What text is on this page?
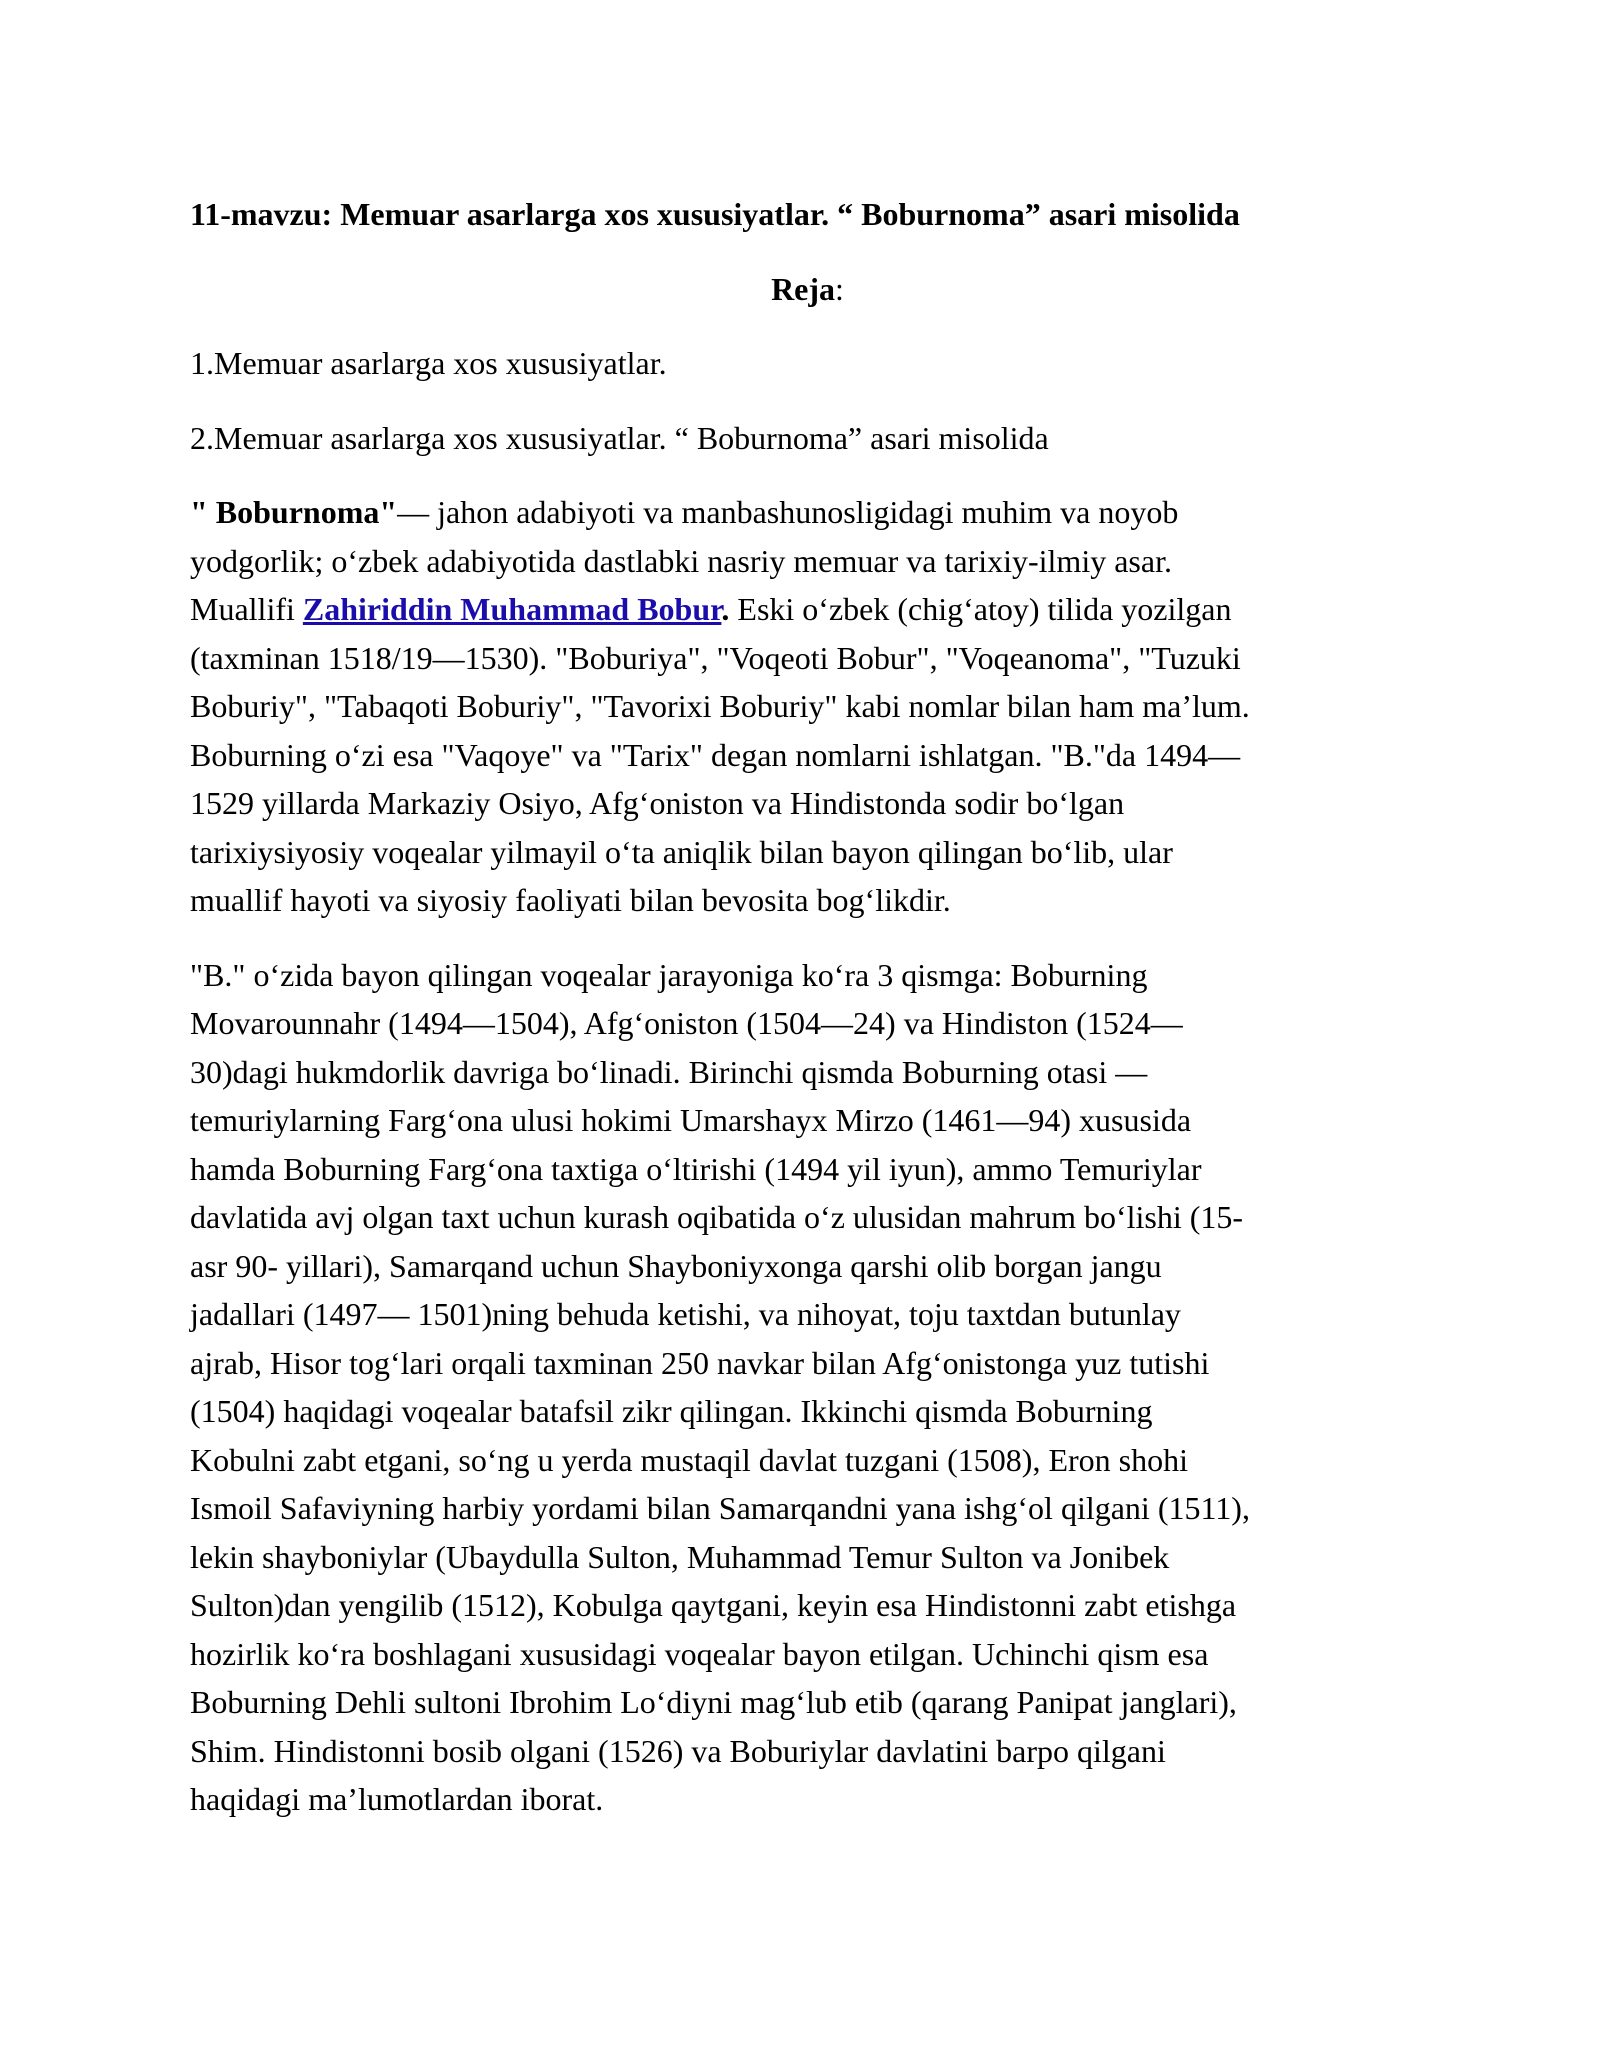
11-mavzu: Memuar asarlarga xos xususiyatlar. “ Boburnoma” asari misolida

Reja:

1.Memuar asarlarga xos xususiyatlar.

2.Memuar asarlarga xos xususiyatlar. “ Boburnoma” asari misolida

" Boburnoma"— jahon adabiyoti va manbashunosligidagi muhim va noyob

yodgorlik; oʻzbek adabiyotida dastlabki nasriy memuar va tarixiy-ilmiy asar.

Muallifi Zahiriddin Muhammad Bobur. Eski oʻzbek (chigʻatoy) tilida yozilgan

(taxminan 1518/19—1530). "Boburiya", "Voqeoti Bobur", "Voqeanoma", "Tuzuki

Boburiy", "Tabaqoti Boburiy", "Tavorixi Boburiy" kabi nomlar bilan ham maʼlum.

Boburning oʻzi esa "Vaqoye" va "Tarix" degan nomlarni ishlatgan. "B."da 1494—

1529 yillarda Markaziy Osiyo, Afgʻoniston va Hindistonda sodir boʻlgan

tarixiysiyosiy voqealar yilmayil oʻta aniqlik bilan bayon qilingan boʻlib, ular

muallif hayoti va siyosiy faoliyati bilan bevosita bogʻlikdir.

"B." oʻzida bayon qilingan voqealar jarayoniga koʻra 3 qismga: Boburning

Movarounnahr (1494—1504), Afgʻoniston (1504—24) va Hindiston (1524—

30)dagi hukmdorlik davriga boʻlinadi. Birinchi qismda Boburning otasi —

temuriylarning Fargʻona ulusi hokimi Umarshayx Mirzo (1461—94) xususida

hamda Boburning Fargʻona taxtiga oʻltirishi (1494 yil iyun), ammo Temuriylar

davlatida avj olgan taxt uchun kurash oqibatida oʻz ulusidan mahrum boʻlishi (15-

asr 90- yillari), Samarqand uchun Shayboniyxonga qarshi olib borgan jangu

jadallari (1497— 1501)ning behuda ketishi, va nihoyat, toju taxtdan butunlay

ajrab, Hisor togʻlari orqali taxminan 250 navkar bilan Afgʻonistonga yuz tutishi

(1504) haqidagi voqealar batafsil zikr qilingan. Ikkinchi qismda Boburning

Kobulni zabt etgani, soʻng u yerda mustaqil davlat tuzgani (1508), Eron shohi

Ismoil Safaviyning harbiy yordami bilan Samarqandni yana ishgʻol qilgani (1511),

lekin shayboniylar (Ubaydulla Sulton, Muhammad Temur Sulton va Jonibek

Sulton)dan yengilib (1512), Kobulga qaytgani, keyin esa Hindistonni zabt etishga

hozirlik koʻra boshlagani xususidagi voqealar bayon etilgan. Uchinchi qism esa

Boburning Dehli sultoni Ibrohim Loʻdiyni magʻlub etib (qarang Panipat janglari),

Shim. Hindistonni bosib olgani (1526) va Boburiylar davlatini barpo qilgani

haqidagi maʼlumotlardan iborat.
